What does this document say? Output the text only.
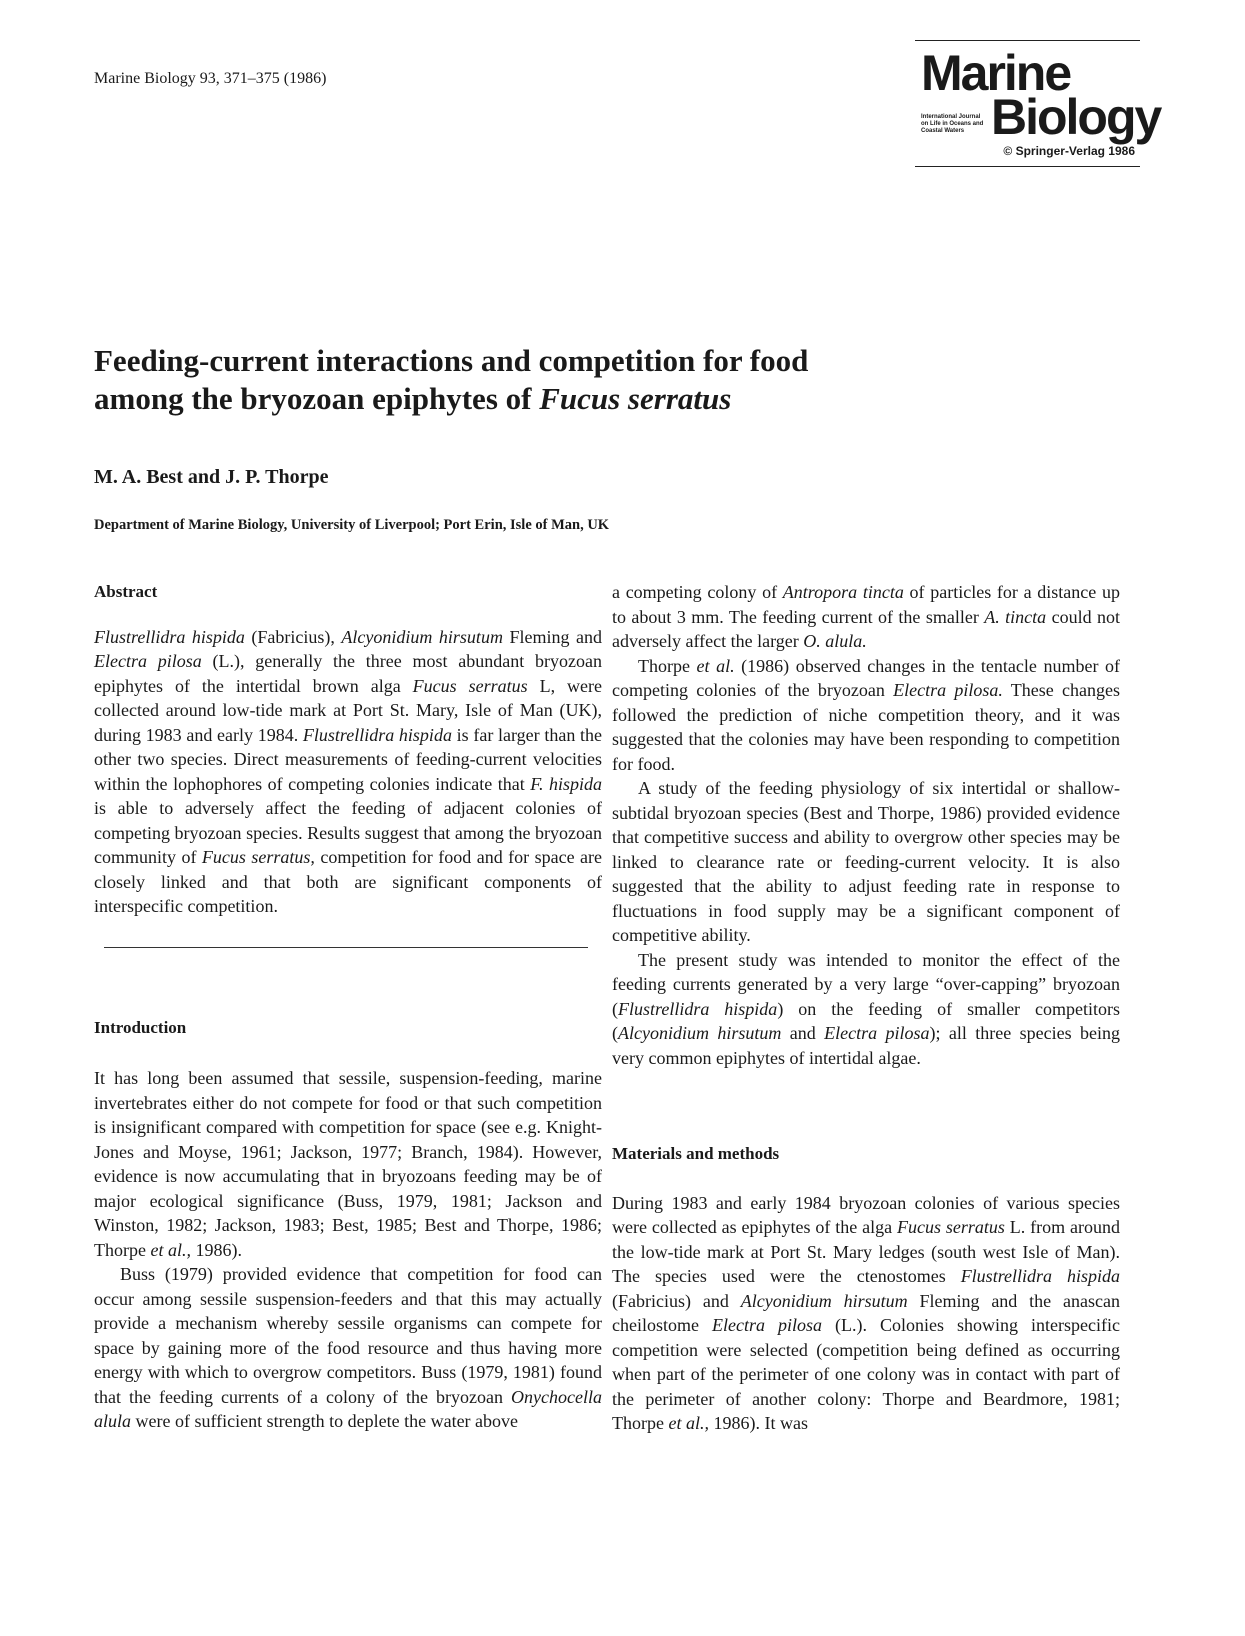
Marine Biology 93, 371–375 (1986)	Marine
International Journal on Life in Oceans and Coastal Waters Biology
© Springer-Verlag 1986
Feeding-current interactions and competition for food
among the bryozoan epiphytes of Fucus serratus
M. A. Best and J. P. Thorpe
Department of Marine Biology, University of Liverpool; Port Erin, Isle of Man, UK
Abstract

Flustrellidra hispida (Fabricius), Alcyonidium hirsutum Fleming and Electra pilosa (L.), generally the three most abundant bryozoan epiphytes of the intertidal brown alga Fucus serratus L, were collected around low-tide mark at Port St. Mary, Isle of Man (UK), during 1983 and early 1984. Flustrellidra hispida is far larger than the other two species. Direct measurements of feeding-current velocities within the lophophores of competing colonies indicate that F. hispida is able to adversely affect the feeding of adjacent colonies of competing bryozoan species. Results suggest that among the bryozoan community of Fucus serratus, competition for food and for space are closely linked and that both are significant components of interspecific competition.

Introduction

It has long been assumed that sessile, suspension-feeding, marine invertebrates either do not compete for food or that such competition is insignificant compared with competition for space (see e.g. Knight-Jones and Moyse, 1961; Jackson, 1977; Branch, 1984). However, evidence is now accumulating that in bryozoans feeding may be of major ecological significance (Buss, 1979, 1981; Jackson and Winston, 1982; Jackson, 1983; Best, 1985; Best and Thorpe, 1986; Thorpe et al., 1986).

Buss (1979) provided evidence that competition for food can occur among sessile suspension-feeders and that this may actually provide a mechanism whereby sessile organisms can compete for space by gaining more of the food resource and thus having more energy with which to overgrow competitors. Buss (1979, 1981) found that the feeding currents of a colony of the bryozoan Onychocella alula were of sufficient strength to deplete the water above

a competing colony of Antropora tincta of particles for a distance up to about 3 mm. The feeding current of the smaller A. tincta could not adversely affect the larger O. alula.

Thorpe et al. (1986) observed changes in the tentacle number of competing colonies of the bryozoan Electra pilosa. These changes followed the prediction of niche competition theory, and it was suggested that the colonies may have been responding to competition for food.

A study of the feeding physiology of six intertidal or shallow-subtidal bryozoan species (Best and Thorpe, 1986) provided evidence that competitive success and ability to overgrow other species may be linked to clearance rate or feeding-current velocity. It is also suggested that the ability to adjust feeding rate in response to fluctuations in food supply may be a significant component of competitive ability.

The present study was intended to monitor the effect of the feeding currents generated by a very large “over-capping” bryozoan (Flustrellidra hispida) on the feeding of smaller competitors (Alcyonidium hirsutum and Electra pilosa); all three species being very common epiphytes of intertidal algae.

Materials and methods

During 1983 and early 1984 bryozoan colonies of various species were collected as epiphytes of the alga Fucus serratus L. from around the low-tide mark at Port St. Mary ledges (south west Isle of Man). The species used were the ctenostomes Flustrellidra hispida (Fabricius) and Alcyonidium hirsutum Fleming and the anascan cheilostome Electra pilosa (L.). Colonies showing interspecific competition were selected (competition being defined as occurring when part of the perimeter of one colony was in contact with part of the perimeter of another colony: Thorpe and Beardmore, 1981; Thorpe et al., 1986). It was
